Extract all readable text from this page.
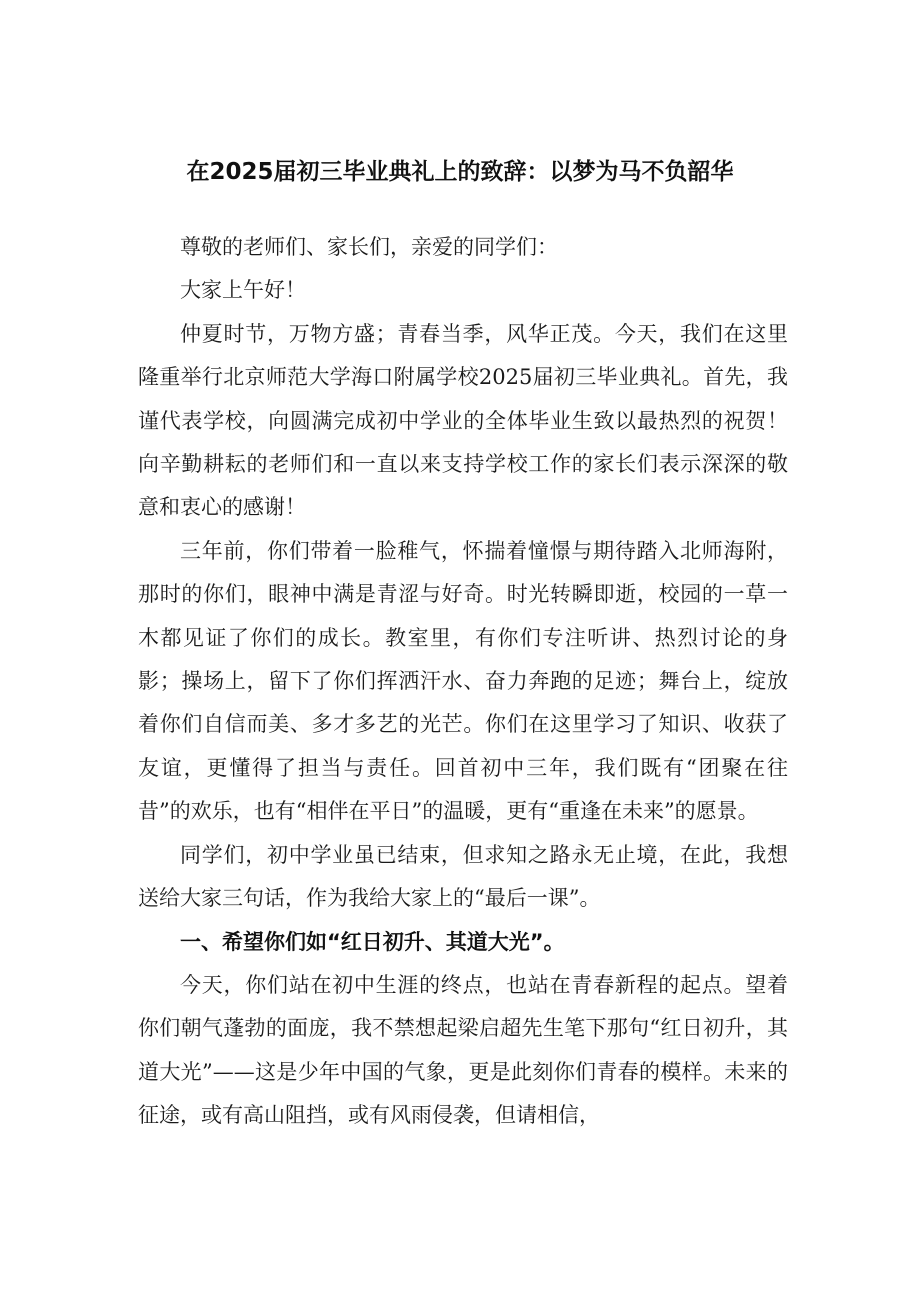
在2025届初三毕业典礼上的致辞：以梦为马不负韶华

尊敬的老师们、家长们，亲爱的同学们：

大家上午好！

仲夏时节，万物方盛；青春当季，风华正茂。今天，我们在这里隆重举行北京师范大学海口附属学校2025届初三毕业典礼。首先，我谨代表学校，向圆满完成初中学业的全体毕业生致以最热烈的祝贺！向辛勤耕耘的老师们和一直以来支持学校工作的家长们表示深深的敬意和衷心的感谢！

三年前，你们带着一脸稚气，怀揣着憧憬与期待踏入北师海附，那时的你们，眼神中满是青涩与好奇。时光转瞬即逝，校园的一草一木都见证了你们的成长。教室里，有你们专注听讲、热烈讨论的身影；操场上，留下了你们挥洒汗水、奋力奔跑的足迹；舞台上，绽放着你们自信而美、多才多艺的光芒。你们在这里学习了知识、收获了友谊，更懂得了担当与责任。回首初中三年，我们既有“团聚在往昔”的欢乐，也有“相伴在平日”的温暖，更有“重逢在未来”的愿景。

同学们，初中学业虽已结束，但求知之路永无止境，在此，我想送给大家三句话，作为我给大家上的“最后一课”。

一、希望你们如“红日初升、其道大光”。

今天，你们站在初中生涯的终点，也站在青春新程的起点。望着你们朝气蓬勃的面庞，我不禁想起梁启超先生笔下那句“红日初升，其道大光”——这是少年中国的气象，更是此刻你们青春的模样。未来的征途，或有高山阻挡，或有风雨侵袭，但请相信，
